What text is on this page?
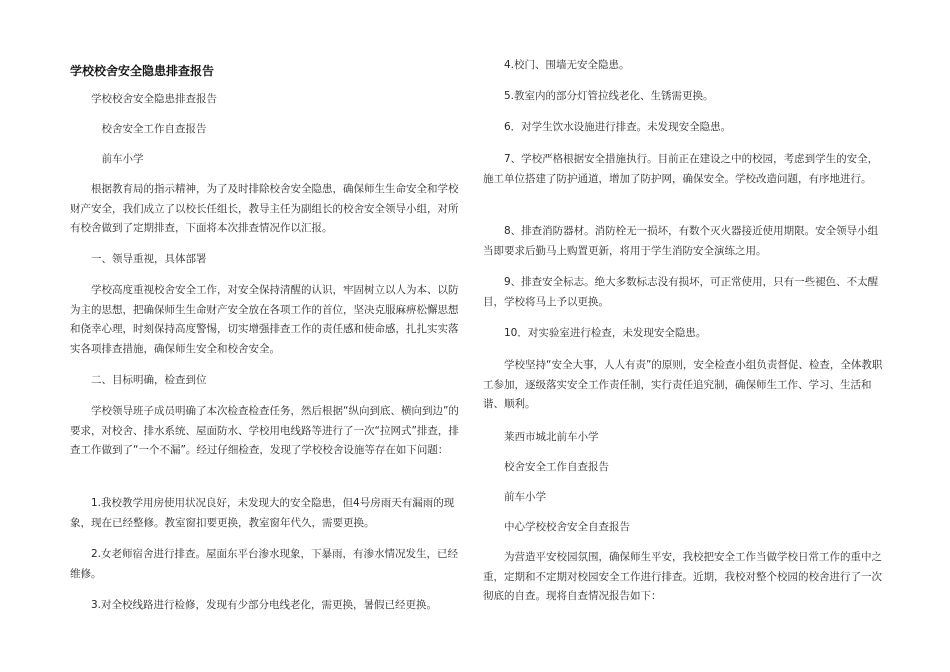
学校校舍安全隐患排查报告

学校校舍安全隐患排查报告

校舍安全工作自查报告

前车小学

根据教育局的指示精神，为了及时排除校舍安全隐患，确保师生生命安全和学校财产安全，我们成立了以校长任组长，教导主任为副组长的校舍安全领导小组，对所有校舍做到了定期排查，下面将本次排查情况作以汇报。

一、领导重视，具体部署

学校高度重视校舍安全工作，对安全保持清醒的认识，牢固树立以人为本、以防为主的思想，把确保师生生命财产安全放在各项工作的首位，坚决克服麻痹松懈思想和侥幸心理，时刻保持高度警惕，切实增强排查工作的责任感和使命感，扎扎实实落实各项排查措施，确保师生安全和校舍安全。

二、目标明确，检查到位

学校领导班子成员明确了本次检查检查任务，然后根据“纵向到底、横向到边”的要求，对校舍、排水系统、屋面防水、学校用电线路等进行了一次“拉网式”排查，排查工作做到了“一个不漏”。经过仔细检查，发现了学校校舍设施等存在如下问题：

1.我校教学用房使用状况良好，未发现大的安全隐患，但4号房雨天有漏雨的现象，现在已经整修。教室窗扣要更换，教室窗年代久，需要更换。

2.女老师宿舍进行排查。屋面东平台渗水现象，下暴雨，有渗水情况发生，已经维修。

3.对全校线路进行检修，发现有少部分电线老化，需更换，暑假已经更换。

4.校门、围墙无安全隐患。

5.教室内的部分灯管拉线老化、生锈需更换。

6．对学生饮水设施进行排查。未发现安全隐患。

7、学校严格根据安全措施执行。目前正在建设之中的校园，考虑到学生的安全，施工单位搭建了防护通道，增加了防护网，确保安全。学校改造问题，有序地进行。

8、排查消防器材。消防栓无一损坏，有数个灭火器接近使用期限。安全领导小组当即要求后勤马上购置更新，将用于学生消防安全演练之用。

9、排查安全标志。绝大多数标志没有损坏，可正常使用，只有一些褪色、不太醒目，学校将马上予以更换。

10．对实验室进行检查，未发现安全隐患。

学校坚持“安全大事，人人有责”的原则，安全检查小组负责督促、检查，全体教职工参加，逐级落实安全工作责任制，实行责任追究制，确保师生工作、学习、生活和谐、顺利。

莱西市城北前车小学

校舍安全工作自查报告

前车小学

中心学校校舍安全自查报告

为营造平安校园氛围，确保师生平安，我校把安全工作当做学校日常工作的重中之重，定期和不定期对校园安全工作进行排查。近期，我校对整个校园的校舍进行了一次彻底的自查。现将自查情况报告如下：
